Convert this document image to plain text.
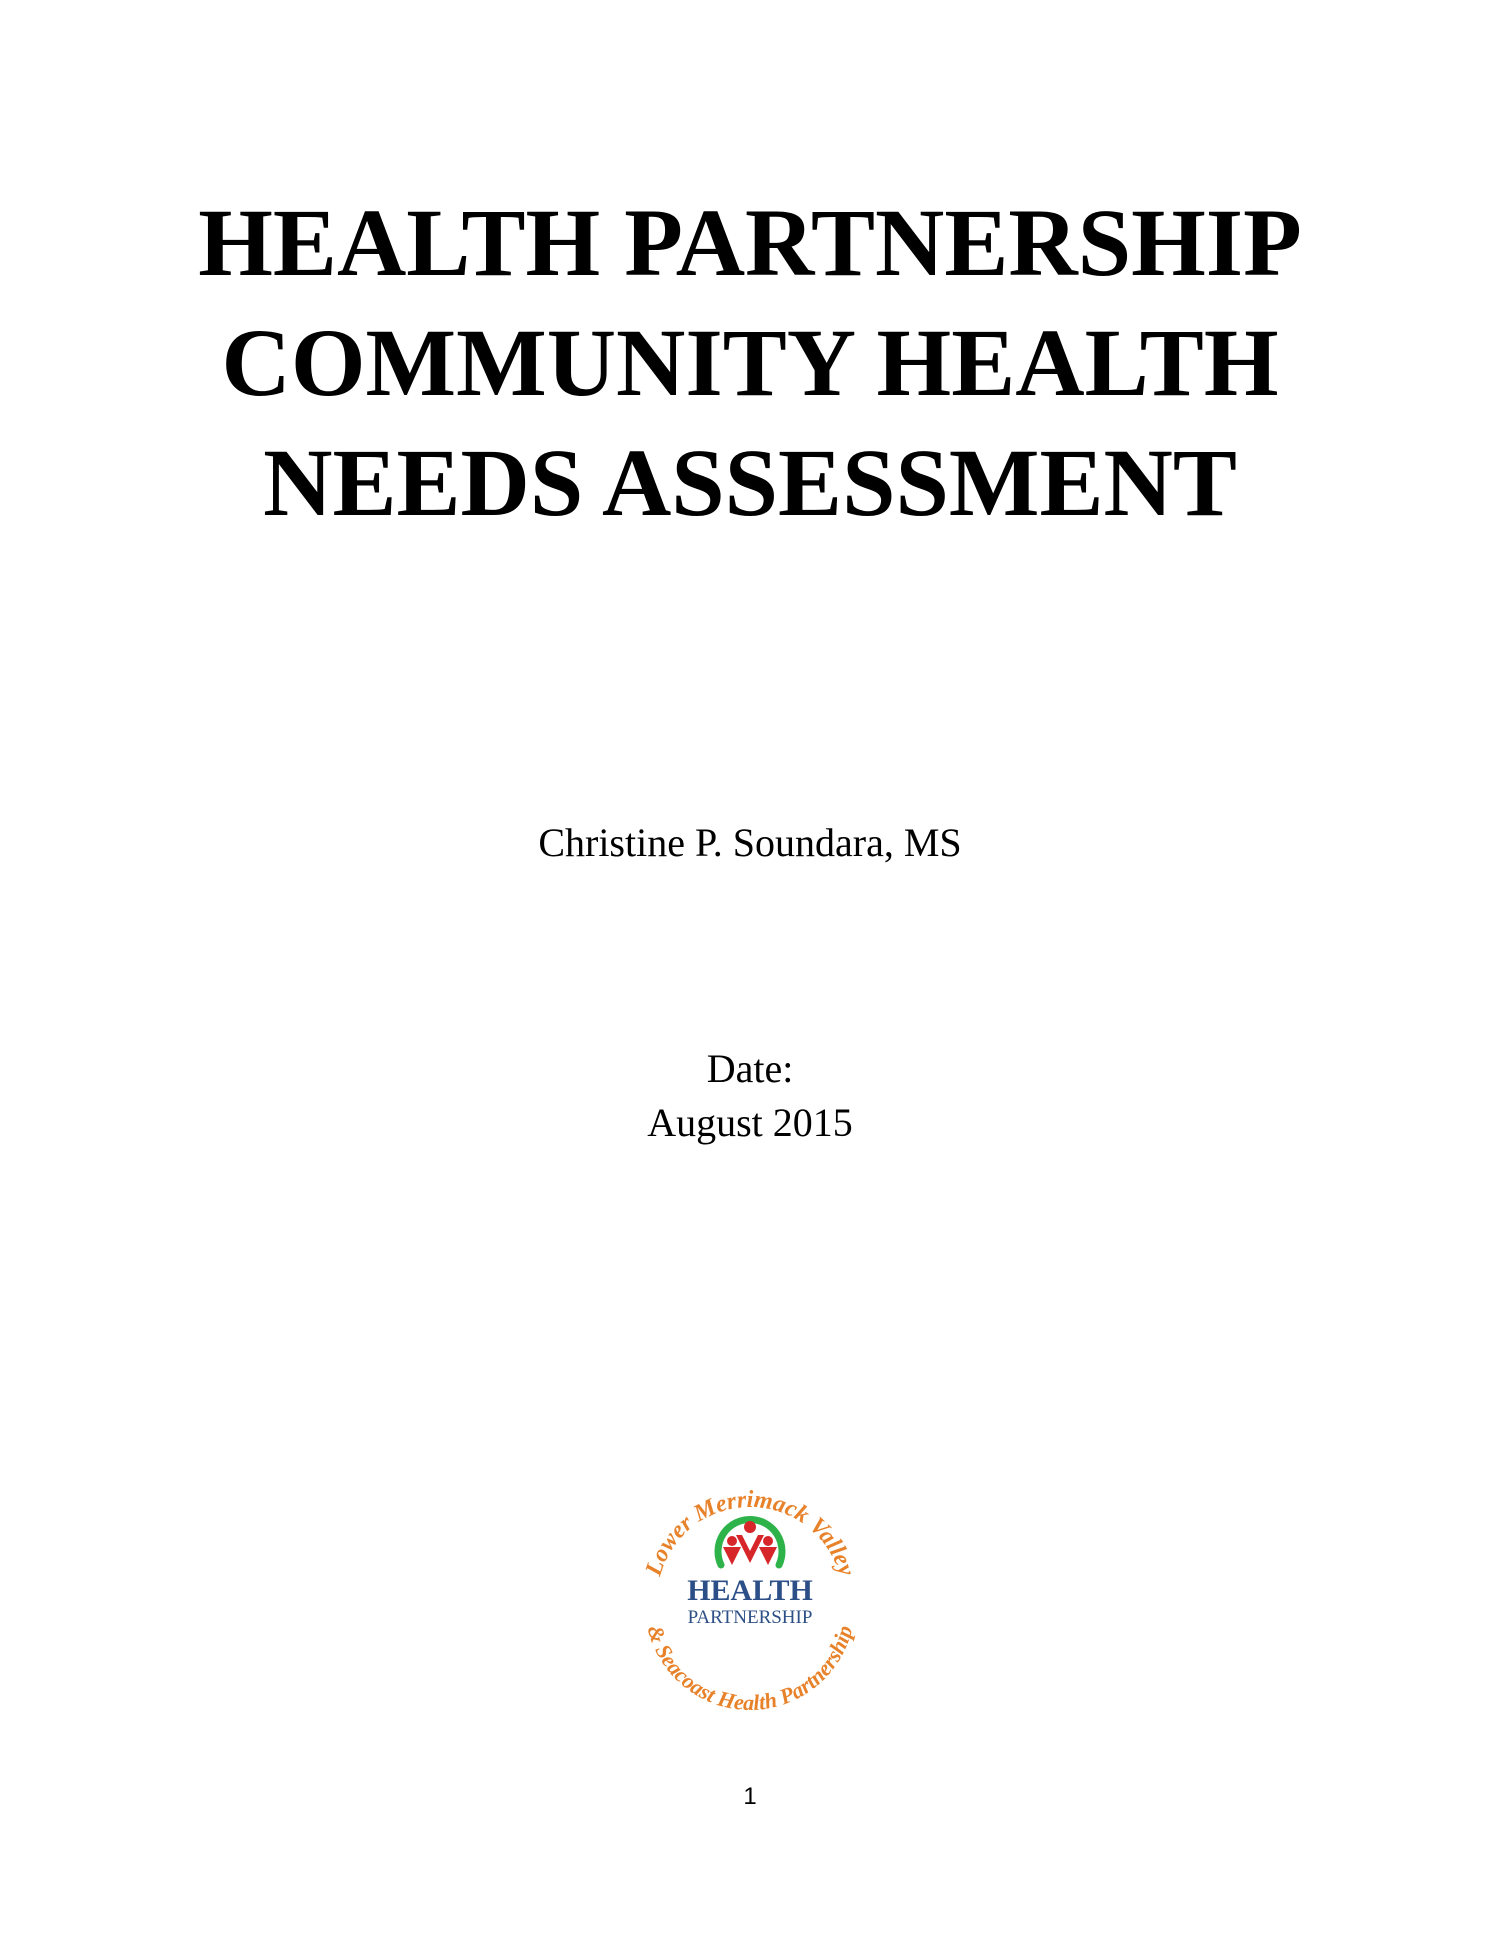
HEALTH PARTNERSHIP
COMMUNITY HEALTH
NEEDS ASSESSMENT
Christine P. Soundara, MS
Date:
August 2015
Lower Merrimack Valley
& Seacoast Health Partnership
HEALTH
PARTNERSHIP
1
